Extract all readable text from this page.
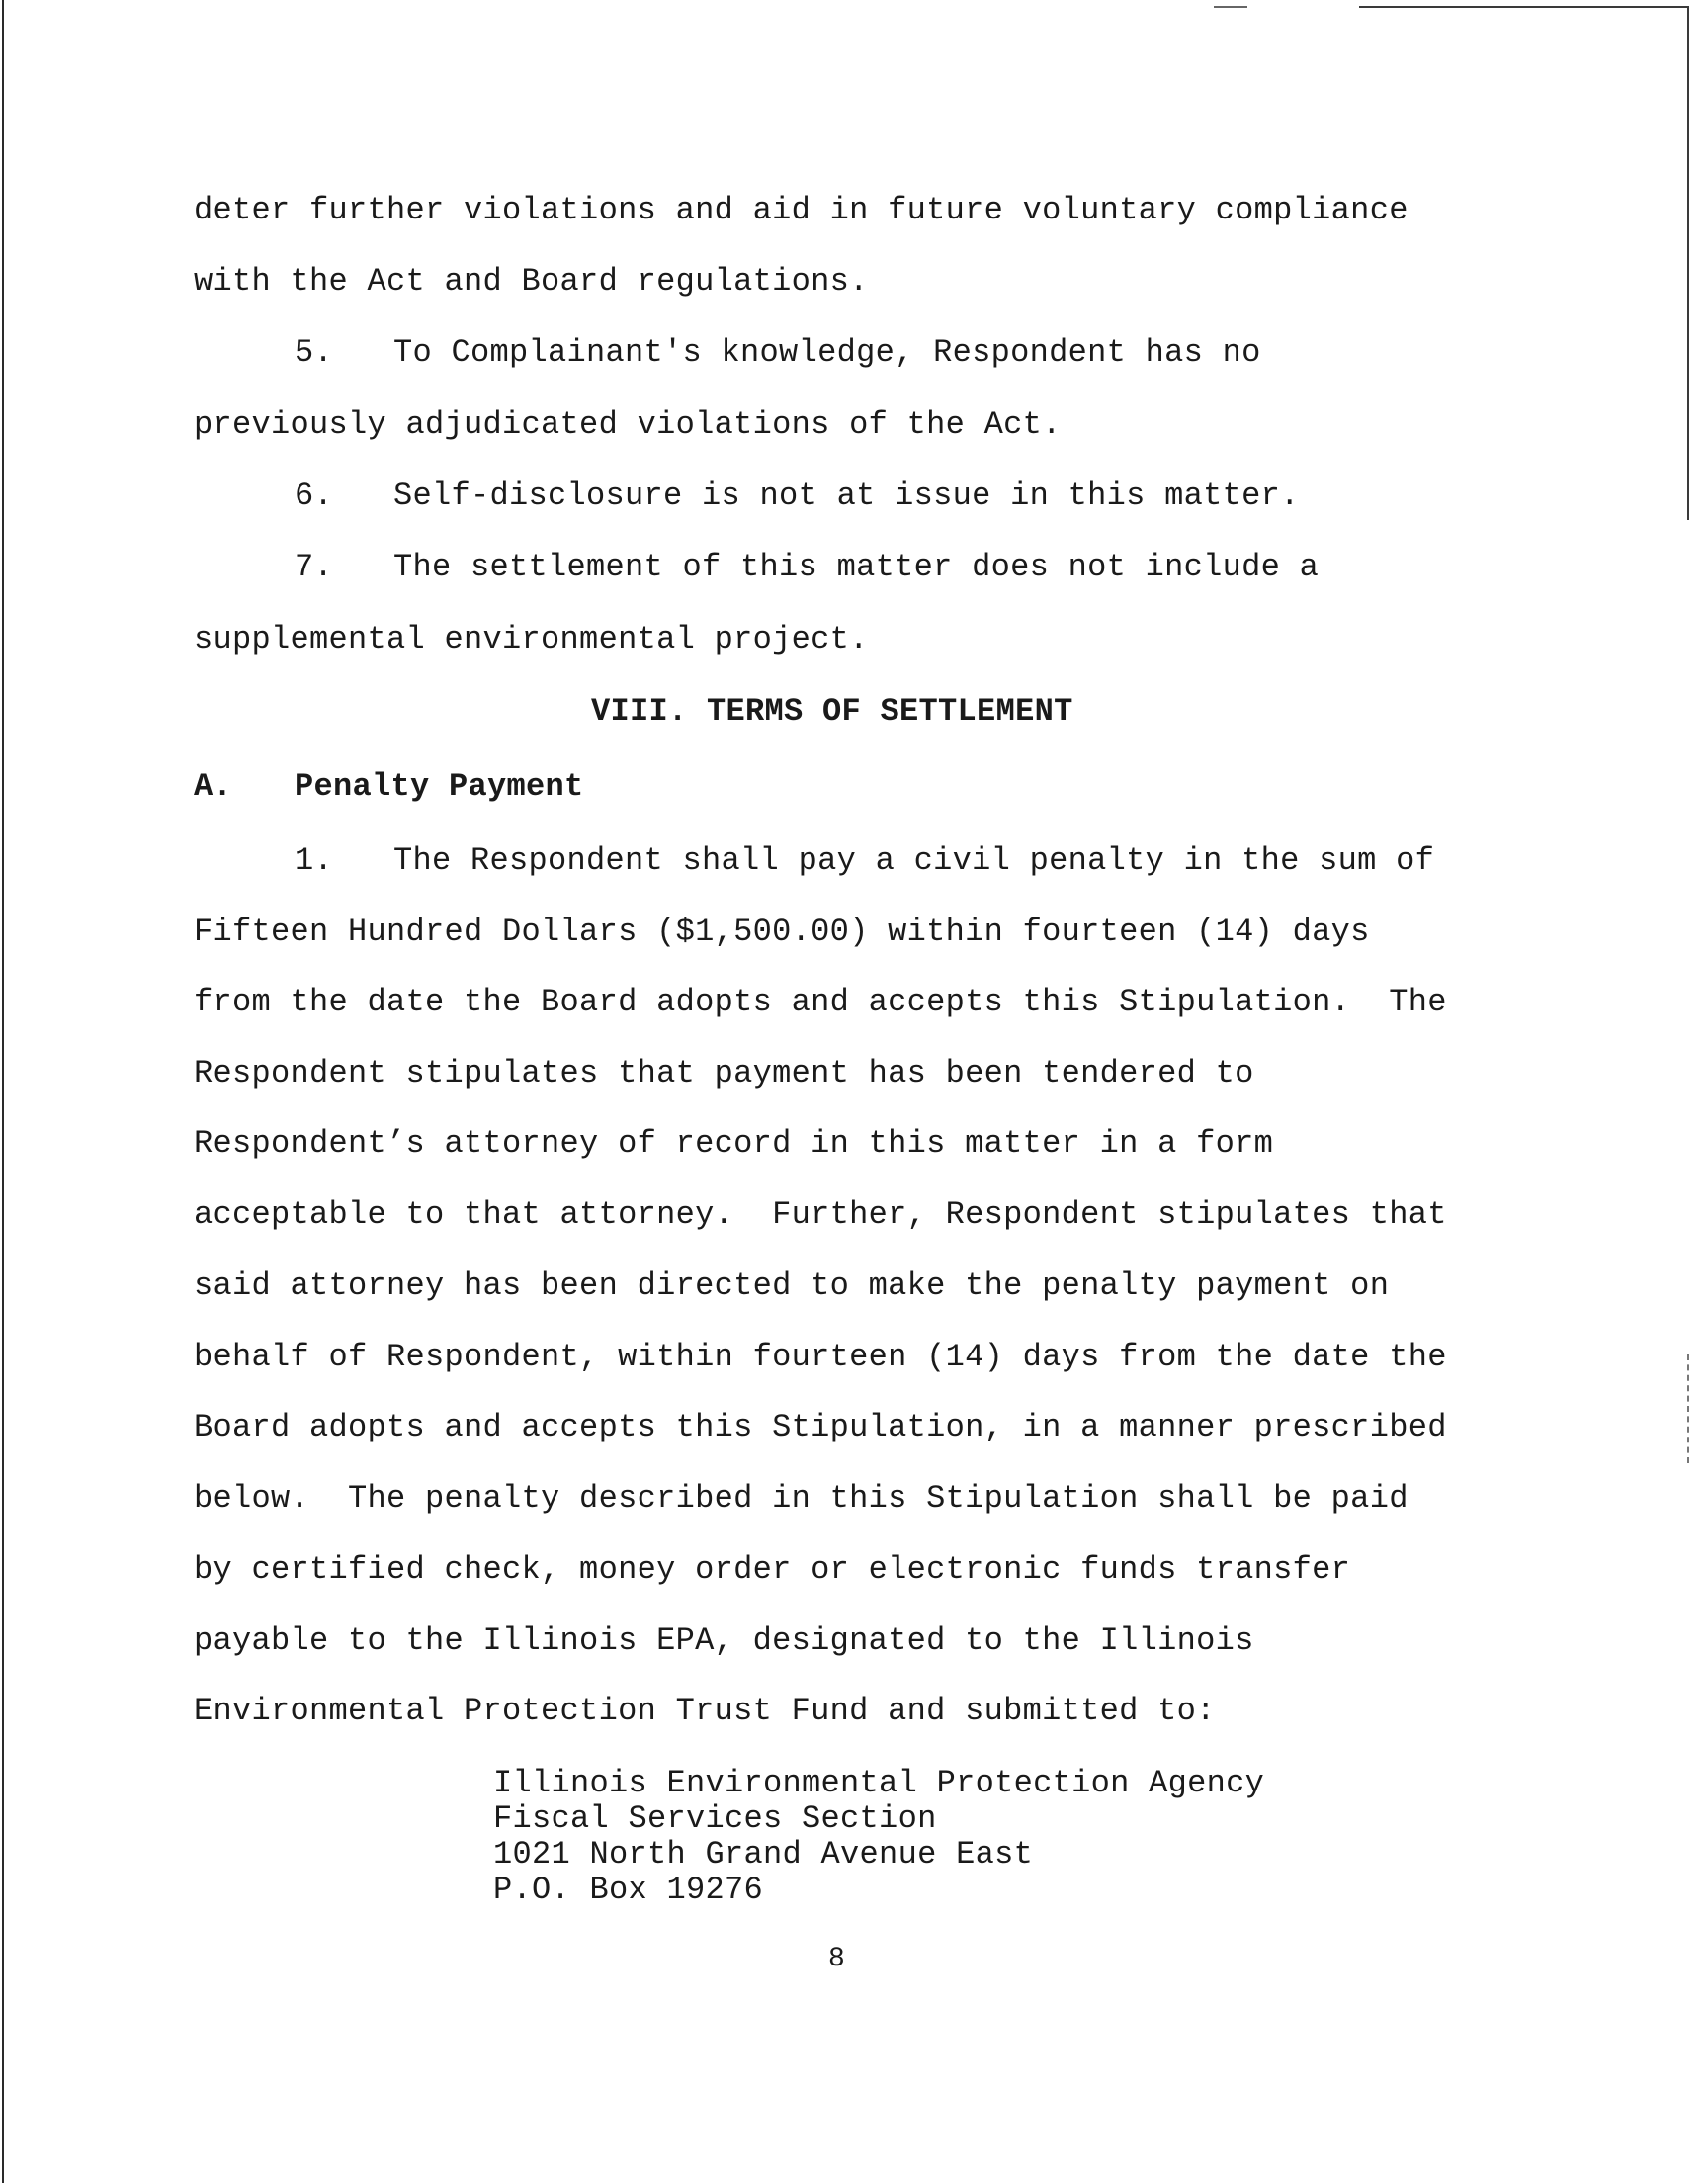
deter further violations and aid in future voluntary compliance
with the Act and Board regulations.
5. To Complainant's knowledge, Respondent has no
previously adjudicated violations of the Act.
6. Self-disclosure is not at issue in this matter.
7. The settlement of this matter does not include a
supplemental environmental project.
VIII. TERMS OF SETTLEMENT
A. Penalty Payment
1. The Respondent shall pay a civil penalty in the sum of
Fifteen Hundred Dollars ($1,500.00) within fourteen (14) days
from the date the Board adopts and accepts this Stipulation.  The
Respondent stipulates that payment has been tendered to
Respondent’s attorney of record in this matter in a form
acceptable to that attorney.  Further, Respondent stipulates that
said attorney has been directed to make the penalty payment on
behalf of Respondent, within fourteen (14) days from the date the
Board adopts and accepts this Stipulation, in a manner prescribed
below.  The penalty described in this Stipulation shall be paid
by certified check, money order or electronic funds transfer
payable to the Illinois EPA, designated to the Illinois
Environmental Protection Trust Fund and submitted to:
Illinois Environmental Protection Agency
Fiscal Services Section
1021 North Grand Avenue East
P.O. Box 19276
8
